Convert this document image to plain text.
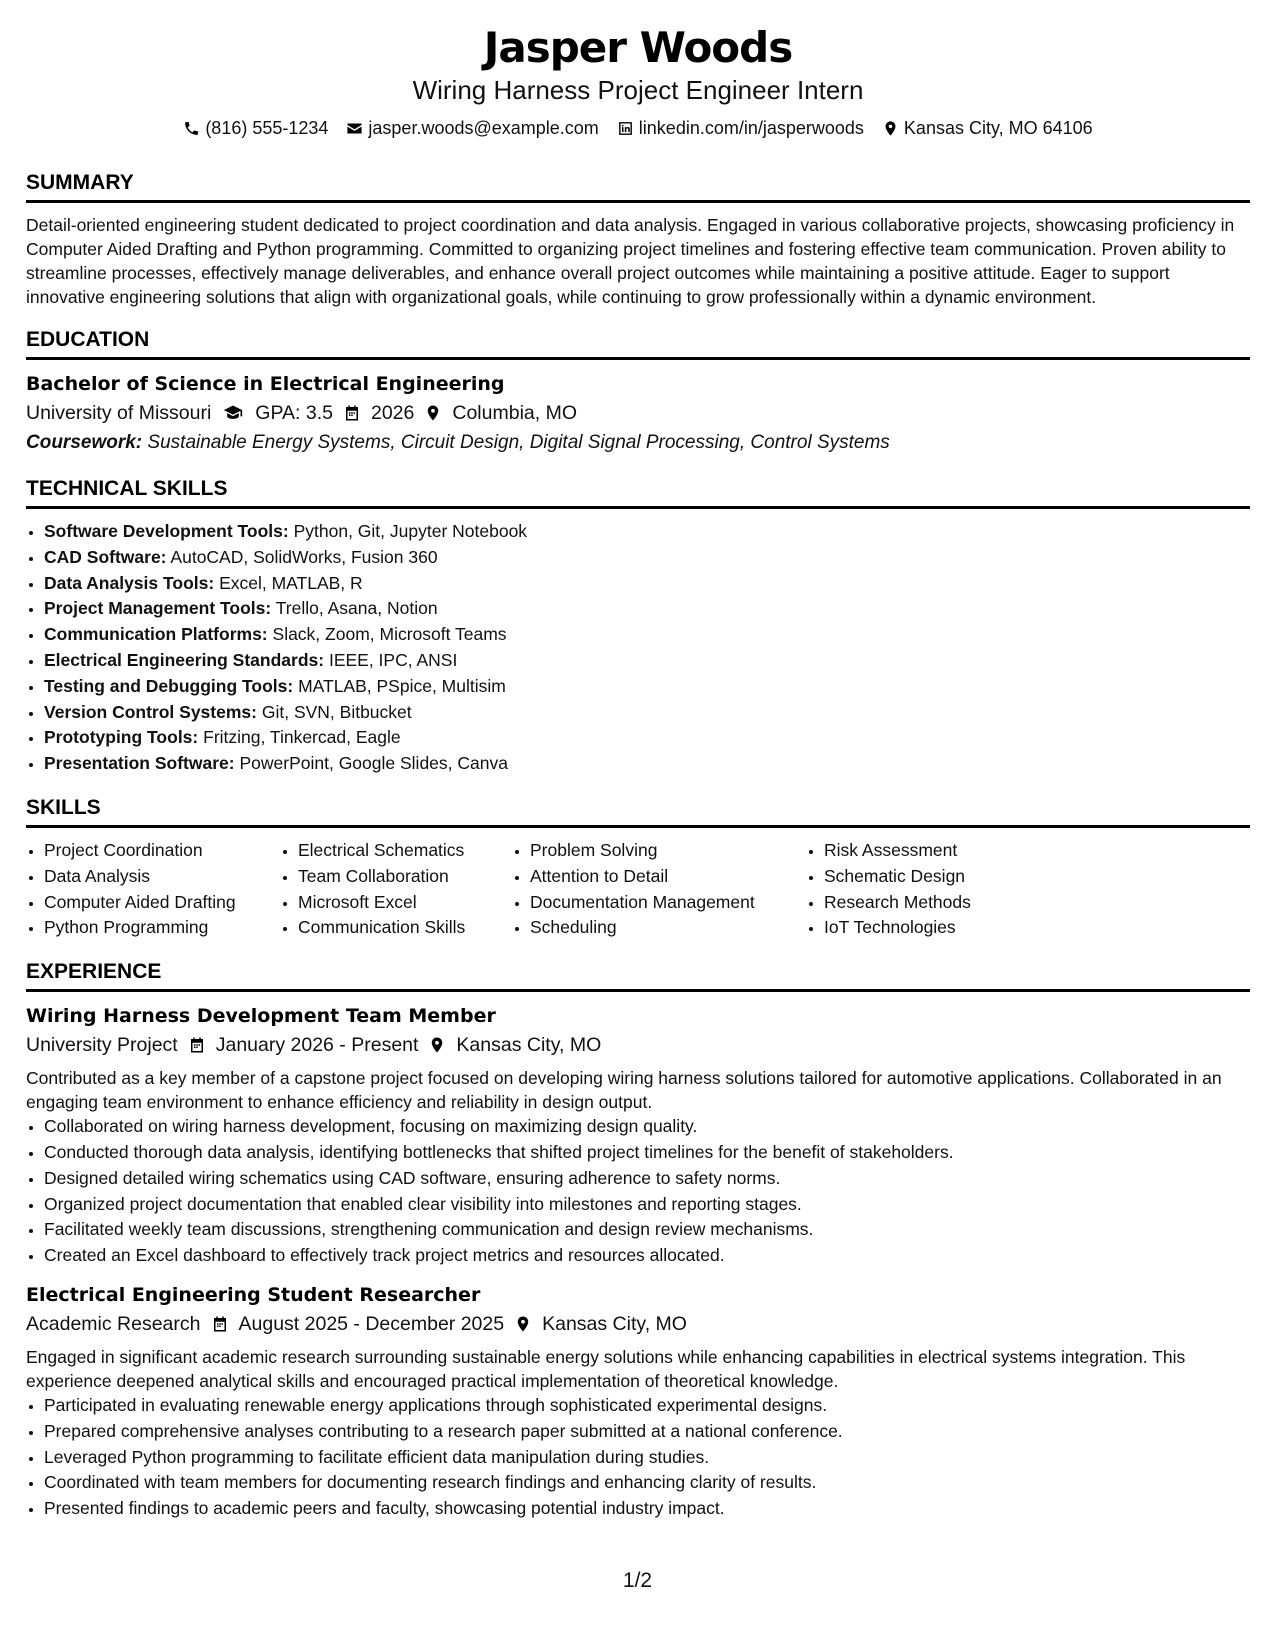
Jasper Woods
Wiring Harness Project Engineer Intern
(816) 555-1234 jasper.woods@example.com linkedin.com/in/jasperwoods Kansas City, MO 64106
SUMMARY

Detail-oriented engineering student dedicated to project coordination and data analysis. Engaged in various collaborative projects, showcasing proficiency in Computer Aided Drafting and Python programming. Committed to organizing project timelines and fostering effective team communication. Proven ability to streamline processes, effectively manage deliverables, and enhance overall project outcomes while maintaining a positive attitude. Eager to support innovative engineering solutions that align with organizational goals, while continuing to grow professionally within a dynamic environment.

EDUCATION
Bachelor of Science in Electrical Engineering
University of Missouri GPA: 3.5 2026 Columbia, MO
Coursework: Sustainable Energy Systems, Circuit Design, Digital Signal Processing, Control Systems
TECHNICAL SKILLS
• Software Development Tools: Python, Git, Jupyter Notebook
• CAD Software: AutoCAD, SolidWorks, Fusion 360
• Data Analysis Tools: Excel, MATLAB, R
• Project Management Tools: Trello, Asana, Notion
• Communication Platforms: Slack, Zoom, Microsoft Teams
• Electrical Engineering Standards: IEEE, IPC, ANSI
• Testing and Debugging Tools: MATLAB, PSpice, Multisim
• Version Control Systems: Git, SVN, Bitbucket
• Prototyping Tools: Fritzing, Tinkercad, Eagle
• Presentation Software: PowerPoint, Google Slides, Canva
SKILLS
• Project Coordination
• Data Analysis
• Computer Aided Drafting
• Python Programming
• Electrical Schematics
• Team Collaboration
• Microsoft Excel
• Communication Skills
• Problem Solving
• Attention to Detail
• Documentation Management
• Scheduling
• Risk Assessment
• Schematic Design
• Research Methods
• IoT Technologies
EXPERIENCE
Wiring Harness Development Team Member
University Project January 2026 - Present Kansas City, MO

Contributed as a key member of a capstone project focused on developing wiring harness solutions tailored for automotive applications. Collaborated in an engaging team environment to enhance efficiency and reliability in design output.

• Collaborated on wiring harness development, focusing on maximizing design quality.
• Conducted thorough data analysis, identifying bottlenecks that shifted project timelines for the benefit of stakeholders.
• Designed detailed wiring schematics using CAD software, ensuring adherence to safety norms.
• Organized project documentation that enabled clear visibility into milestones and reporting stages.
• Facilitated weekly team discussions, strengthening communication and design review mechanisms.
• Created an Excel dashboard to effectively track project metrics and resources allocated.
Electrical Engineering Student Researcher
Academic Research August 2025 - December 2025 Kansas City, MO

Engaged in significant academic research surrounding sustainable energy solutions while enhancing capabilities in electrical systems integration. This experience deepened analytical skills and encouraged practical implementation of theoretical knowledge.

• Participated in evaluating renewable energy applications through sophisticated experimental designs.
• Prepared comprehensive analyses contributing to a research paper submitted at a national conference.
• Leveraged Python programming to facilitate efficient data manipulation during studies.
• Coordinated with team members for documenting research findings and enhancing clarity of results.
• Presented findings to academic peers and faculty, showcasing potential industry impact.
1/2
